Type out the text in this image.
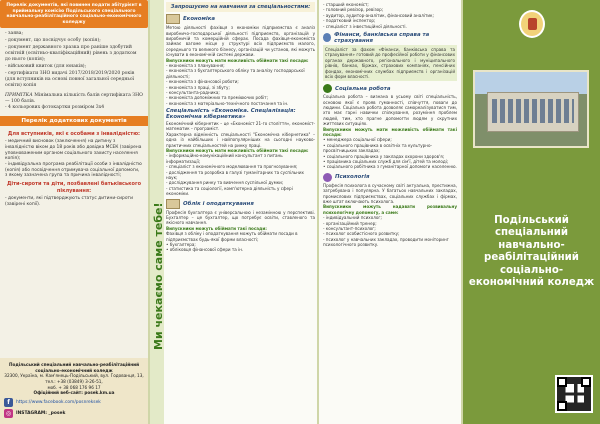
Перелік документів, які повинен подати абітурієнт в приймальну комісію Подільського спеціального навчально-реабілітаційного соціально-економічного коледжу
- заява;
- документ, що посвідчує особу (копія);
- документ державного зразка про раніше здобутий освітній (освітньо-кваліфікаційний) рівень з додатком до нього (копія);
- військовий квиток (для юнаків);
- сертифікати ЗНО видачі 2017/2018/2019/2020 років (для вступників на основі повної загальної середньої освіти) копія
ПРИМІТКА Мінімальна кількість балів сертифіката ЗНО — 100 балів.
- 4 кольорових фотокартки розміром 3х4
Перелік додаткових документів
Для вступників, які є особами з інвалідністю:
- медичний висновок (заключення) на дитину з інвалідністю віком до 18 років або довідка МСЕК (завірена уповноваженим органом соціального захисту населення копія);
- індивідуальна програма реабілітації особи з інвалідністю (копія) або посвідчення отримувача соціальної допомоги, з якому зазначена група та причина інвалідності;
Діти-сироти та діти, позбавлені батьківського піклування:
- документи, які підтверджують статус дитини-сироти (завірені копії).
Подільський спеціальний навчально-реабілітаційний соціально-економічний коледж
32300, Україна, м. Кам'янець-Подільський, вул. Годованця, 13,
тел.: +38 (03849) 3-26-51,
моб. + 38 068 176 96 17
Офіційний веб-сайт: posek.km.ua
f	https://www.facebook.com/posnreksek
◎	INSTAGRAM: _posek
Ми чекаємо саме тебе!
Запрошуємо на навчання за спеціальностями:
Економіка
Метою діяльності фахівця з економіки підприємства є аналіз виробничо-господарської діяльності підприємств, організацій у виробничій та комерційній сферах. Посада фахівця-економіста займає вагоме місце у структурі всіх підприємств малого, середнього та великого бізнесу, організацій чи установ, які можуть існувати в економічній системі держави.
Випускники можуть мати можливість обіймати такі посади:
- економіста з планування;
- економіста з бухгалтерського обліку та аналізу господарської діяльності;
- економіста з фінансової роботи;
- економіста з праці, зі збуту;
- консультанта-радника;
- економіста допоміжних та преміюючих робіт;
- економіста з матеріально-технічного постачання та ін.
Спеціальність «Економіка. Спеціалізація: Економічна кібернетика»
Економічний кібернетик – це «Економіст 21-го століття», економіст-математик – програміст.
Характерна відмінність спеціальності "Економічна кібернетика" – одна із найбільших і найпопулярніших на сьогодні науково-практичних спеціальностей на ринку праці.
Випускники можуть мати можливість обіймати такі посади:
- інформаційно-комунікаційний консультант з питань інформатизації;
- спеціаліст з економічного моделювання та прогнозування;
- дослідження та розробка в галузі гуманітарних та суспільних наук;
- досліджування ринку та вивчення суспільної думки;
- статистика та соціології, комп'ютерна діяльність у сфері економіки.
Облік і оподаткування
Професія бухгалтера є універсальною і незамінною у перспективі. Бухгалтер – це бухгалтер, що потребує освіти, ставленого та якісного навчання.
Випускники можуть обіймати такі посади:
Фахівця з обліку і оподаткування можуть обіймати посади в підприємствах будь-якої форми власності;
• бухгалтера;
• обліковця фінансової сфери та ін.
- старший економіст;
- головний ревізор, ревізор;
- аудитор, аудитор-аналітик, фінансовий аналітик;
- податковий інспектор;
- спеціаліст з інвестиційної діяльності.
Фінанси, банківська справа та страхування
Спеціаліст за фахом «Фінанси, банківська справа та страхування» готовий до професійної роботи у фінансових органах державного, регіонального і муніципального рівнів, банках, біржах, страхових компаніях, пенсійних фондах, економічних службах підприємств і організацій всіх форм власності.
Соціальна робота
Соціальна робота – визнана в усьому світі спеціальність, основою якої є прояв гуманності, співчуття, поваги до людини. Соціальна робота дозволяє самореалізуватися тим, хто має гарні навички спілкування, розуміння проблем людей, тим, хто прагне допомогти людям у скрутних життєвих ситуаціях.
Випускники можуть мати можливість обіймати такі посади:
• менеджера соціальної сфери;
• соціального працівника в освітніх та культурно-просвітницьких закладах;
• соціального працівника у закладах охорони здоров'я;
• працівника соціальних служб для сім'ї, дітей та молоді;
• соціального робітника з гуманітарної допомоги населенню.
Психологія
Професія психолога в сучасному світі актуальна, престижна, затребувана і популярна. У багатьох навчальних закладах, промислових підприємствах, соціальних службах і фірмах, вже штат включають психолога.
Випускники можуть надавати розвивальну психологічну допомогу, а саме:
- індивідуальний психолог;
- організаційний тренер;
- консультант-психолог;
- психолог особистісного розвитку;
- психолог у навчальних закладах, проводити моніторинг психологічного розвитку.
Подільський спеціальний навчально-реабілітаційний соціально-економічний коледж
